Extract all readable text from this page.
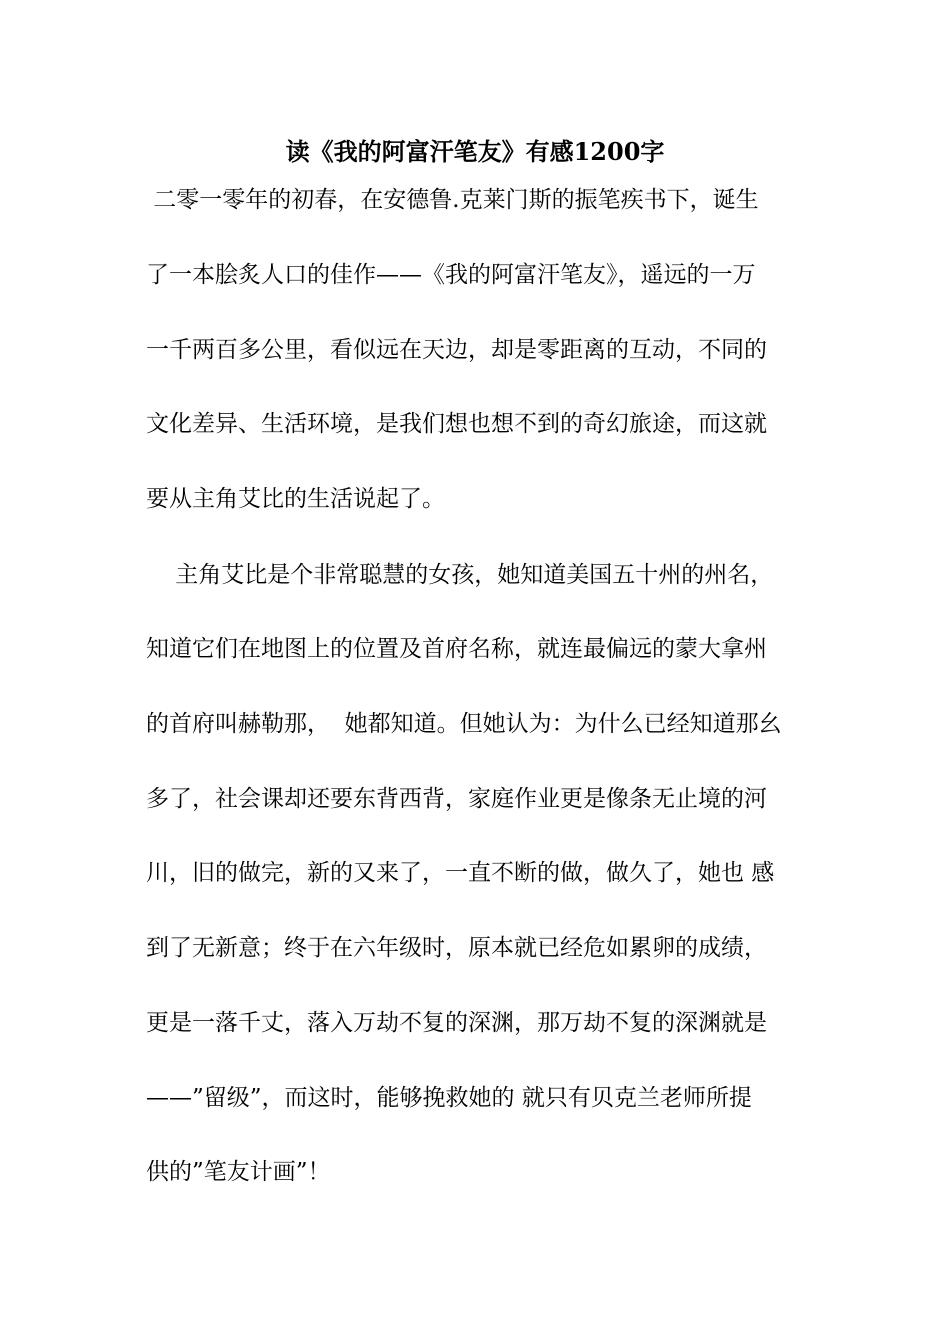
读《我的阿富汗笔友》有感1200字
二零一零年的初春，在安德鲁.克莱门斯的振笔疾书下，诞生
了一本脍炙人口的佳作——《我的阿富汗笔友》，遥远的一万
一千两百多公里，看似远在天边，却是零距离的互动，不同的
文化差异、生活环境，是我们想也想不到的奇幻旅途，而这就
要从主角艾比的生活说起了。
主角艾比是个非常聪慧的女孩，她知道美国五十州的州名，
知道它们在地图上的位置及首府名称，就连最偏远的蒙大拿州
的首府叫赫勒那，  她都知道。但她认为：为什么已经知道那幺
多了，社会课却还要东背西背，家庭作业更是像条无止境的河
川，旧的做完，新的又来了，一直不断的做，做久了，她也 感
到了无新意；终于在六年级时，原本就已经危如累卵的成绩，
更是一落千丈，落入万劫不复的深渊，那万劫不复的深渊就是
——”留级”，而这时，能够挽救她的 就只有贝克兰老师所提
供的”笔友计画”！
